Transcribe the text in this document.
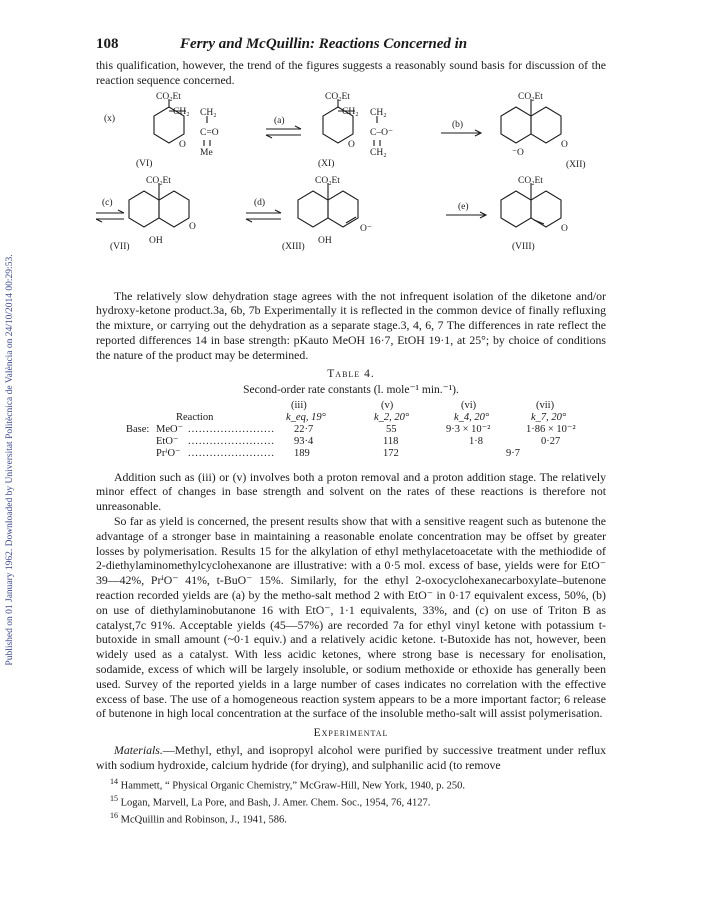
Published on 01 January 1962. Downloaded by Universitat Politècnica de València on 24/10/2014 00:29:53.
108	Ferry and McQuillin: Reactions Concerned in

this qualification, however, the trend of the figures suggests a reasonably sound basis for discussion of the reaction sequence concerned.

CO₂Et
CH₂ CH₂
C=O
Me
O
(x)
(VI)
(a)
CO₂Et
CH₂ CH₂
C–O⁻
CH₂
O
(XI)
(b)
CO₂Et
⁻O
O
(XII)
(c)
CO₂Et
O
OH
(VII)
(d)
CO₂Et
O⁻
OH
(XIII)
(e)
CO₂Et
O
(VIII)

The relatively slow dehydration stage agrees with the not infrequent isolation of the diketone and/or hydroxy-ketone product.3a, 6b, 7b Experimentally it is reflected in the common device of finally refluxing the mixture, or carrying out the dehydration as a separate stage.3, 4, 6, 7 The differences in rate reflect the reported differences 14 in base strength: pKauto MeOH 16·7, EtOH 19·1, at 25°; by choice of conditions the nature of the product may be determined.

Table 4.
Second-order rate constants (l. mole⁻¹ min.⁻¹).
(iii)	(v)	(vi)	(vii)
Reaction	k_eq, 19°	k_2, 20°	k_4, 20°	k_7, 20°
Base: MeO⁻ ........................ 22·7	55	9·3 × 10⁻²	1·86 × 10⁻²
EtO⁻ ........................ 93·4	118	1·8	0·27
PrⁱO⁻ ........................ 189	172	9·7

Addition such as (iii) or (v) involves both a proton removal and a proton addition stage. The relatively minor effect of changes in base strength and solvent on the rates of these reactions is therefore not unreasonable.

So far as yield is concerned, the present results show that with a sensitive reagent such as butenone the advantage of a stronger base in maintaining a reasonable enolate concentration may be offset by greater losses by polymerisation. Results 15 for the alkylation of ethyl methylacetoacetate with the methiodide of 2-diethylaminomethylcyclohexanone are illustrative: with a 0·5 mol. excess of base, yields were for EtO⁻ 39—42%, PrⁱO⁻ 41%, t-BuO⁻ 15%. Similarly, for the ethyl 2-oxocyclohexanecarboxylate–butenone reaction recorded yields are (a) by the metho-salt method 2 with EtO⁻ in 0·17 equivalent excess, 50%, (b) on use of diethylaminobutanone 16 with EtO⁻, 1·1 equivalents, 33%, and (c) on use of Triton B as catalyst,7c 91%. Acceptable yields (45—57%) are recorded 7a for ethyl vinyl ketone with potassium t-butoxide in small amount (~0·1 equiv.) and a relatively acidic ketone. t-Butoxide has not, however, been widely used as a catalyst. With less acidic ketones, where strong base is necessary for enolisation, sodamide, excess of which will be largely insoluble, or sodium methoxide or ethoxide has generally been used. Survey of the reported yields in a large number of cases indicates no correlation with the effective excess of base. The use of a homogeneous reaction system appears to be a more important factor; 6 release of butenone in high local concentration at the surface of the insoluble metho-salt will assist polymerisation.

Experimental

Materials.—Methyl, ethyl, and isopropyl alcohol were purified by successive treatment under reflux with sodium hydroxide, calcium hydride (for drying), and sulphanilic acid (to remove

$^{14}$ Hammett, “ Physical Organic Chemistry,” McGraw-Hill, New York, 1940, p. 250.
$^{15}$ Logan, Marvell, La Pore, and Bash, J. Amer. Chem. Soc., 1954, 76, 4127.
$^{16}$ McQuillin and Robinson, J., 1941, 586.
